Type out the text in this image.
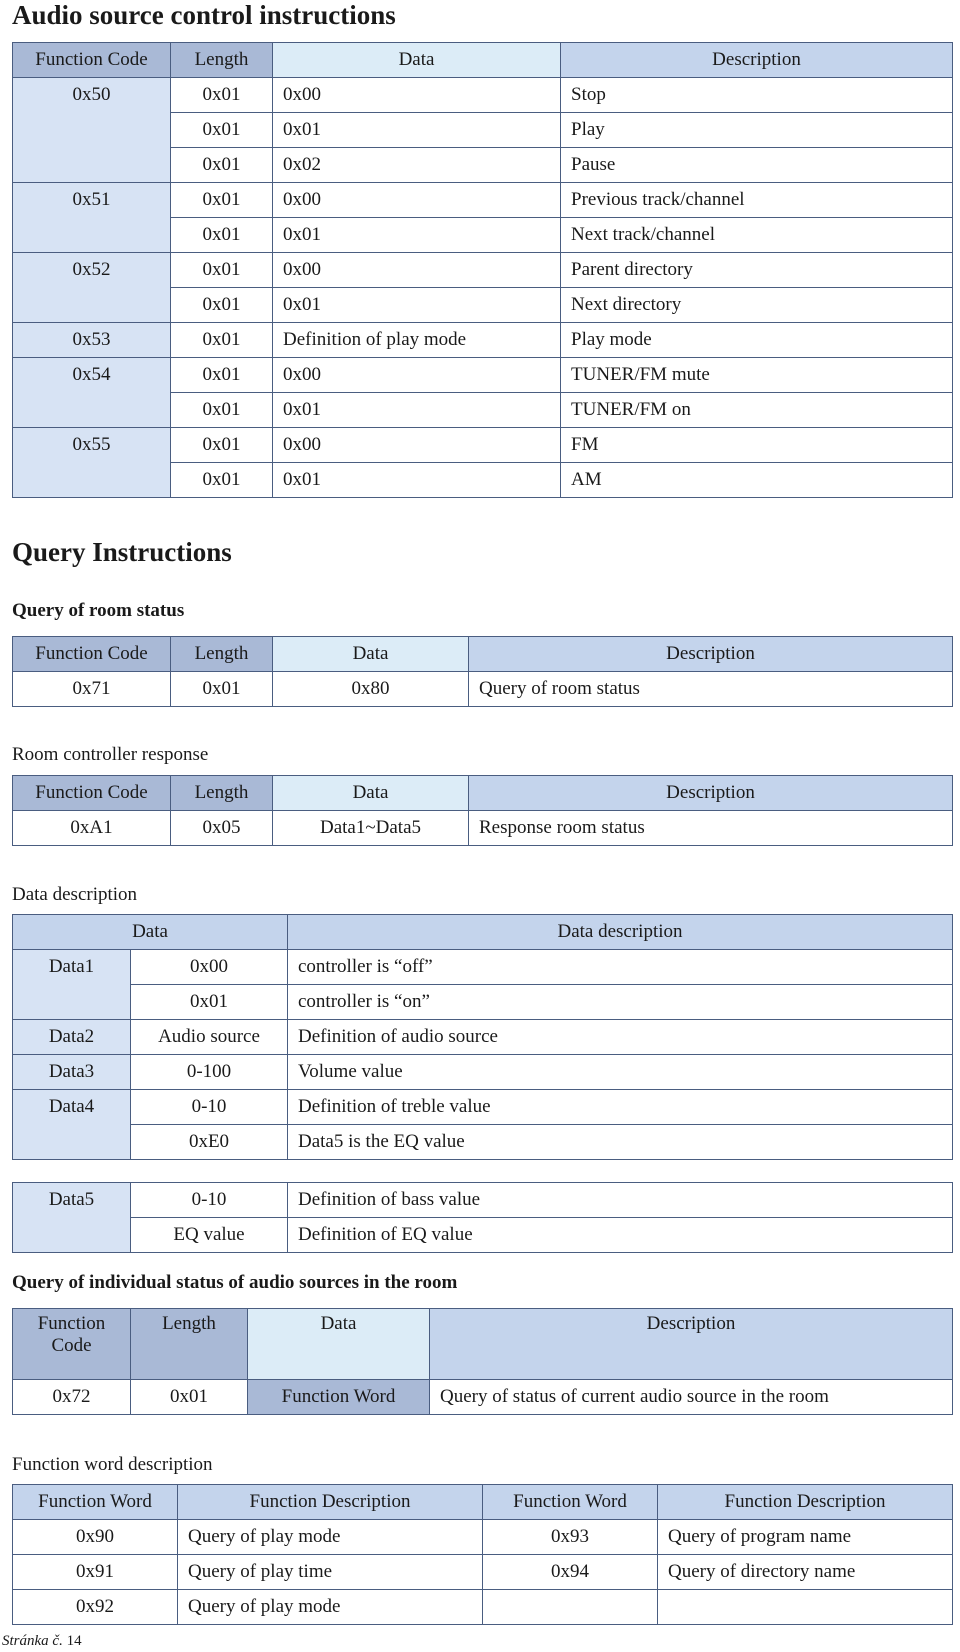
Audio source control instructions
Function Code	Length	Data	Description
0x50	0x01	0x00	Stop
	0x01	0x01	Play
	0x01	0x02	Pause
0x51	0x01	0x00	Previous track/channel
	0x01	0x01	Next track/channel
0x52	0x01	0x00	Parent directory
	0x01	0x01	Next directory
0x53	0x01	Definition of play mode	Play mode
0x54	0x01	0x00	TUNER/FM mute
	0x01	0x01	TUNER/FM on
0x55	0x01	0x00	FM
	0x01	0x01	AM
Query Instructions
Query of room status
Function Code	Length	Data	Description
0x71	0x01	0x80	Query of room status
Room controller response
Function Code	Length	Data	Description
0xA1	0x05	Data1~Data5	Response room status
Data description
Data		Data description
Data1	0x00	controller is “off”
	0x01	controller is “on”
Data2	Audio source	Definition of audio source
Data3	0-100	Volume value
Data4	0-10	Definition of treble value
	0xE0	Data5 is the EQ value
Data5	0-10	Definition of bass value
	EQ value	Definition of EQ value
Query of individual status of audio sources in the room
Function Code	Length	Data	Description
0x72	0x01	Function Word	Query of status of current audio source in the room
Function word description
Function Word	Function Description	Function Word	Function Description
0x90	Query of play mode	0x93	Query of program name
0x91	Query of play time	0x94	Query of directory name
0x92	Query of play mode		
Stránka č. 14
